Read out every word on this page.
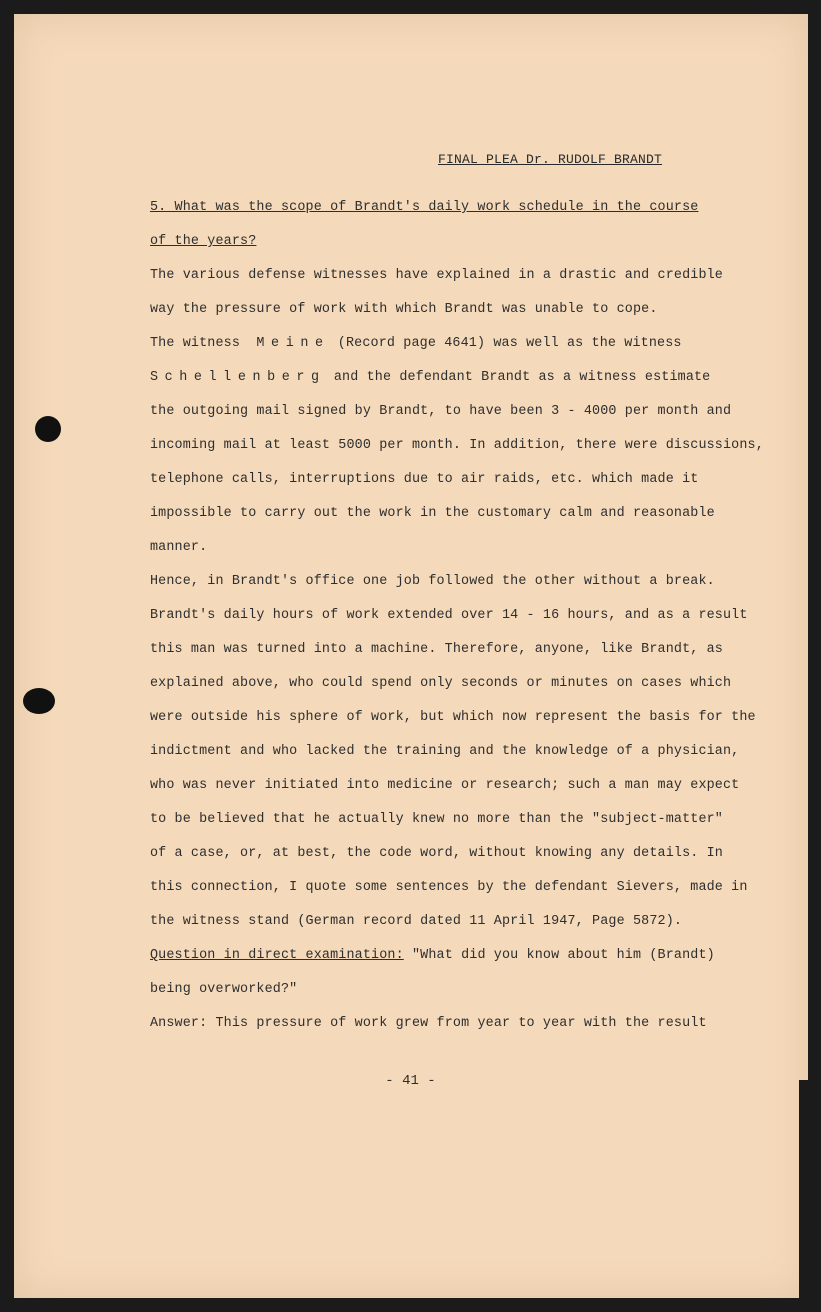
FINAL PLEA Dr. RUDOLF BRANDT
5. What was the scope of Brandt's daily work schedule in the course
of the years?
The various defense witnesses have explained in a drastic and credible
way the pressure of work with which Brandt was unable to cope.
The witness Meine (Record page 4641) was well as the witness
Schellenberg and the defendant Brandt as a witness estimate
the outgoing mail signed by Brandt, to have been 3 - 4000 per month and
incoming mail at least 5000 per month. In addition, there were discussions,
telephone calls, interruptions due to air raids, etc. which made it
impossible to carry out the work in the customary calm and reasonable
manner.
Hence, in Brandt's office one job followed the other without a break.
Brandt's daily hours of work extended over 14 - 16 hours, and as a result
this man was turned into a machine. Therefore, anyone, like Brandt, as
explained above, who could spend only seconds or minutes on cases which
were outside his sphere of work, but which now represent the basis for the
indictment and who lacked the training and the knowledge of a physician,
who was never initiated into medicine or research; such a man may expect
to be believed that he actually knew no more than the "subject-matter"
of a case, or, at best, the code word, without knowing any details. In
this connection, I quote some sentences by the defendant Sievers, made in
the witness stand (German record dated 11 April 1947, Page 5872).
Question in direct examination: "What did you know about him (Brandt)
being overworked?"
Answer: This pressure of work grew from year to year with the result
- 41 -
